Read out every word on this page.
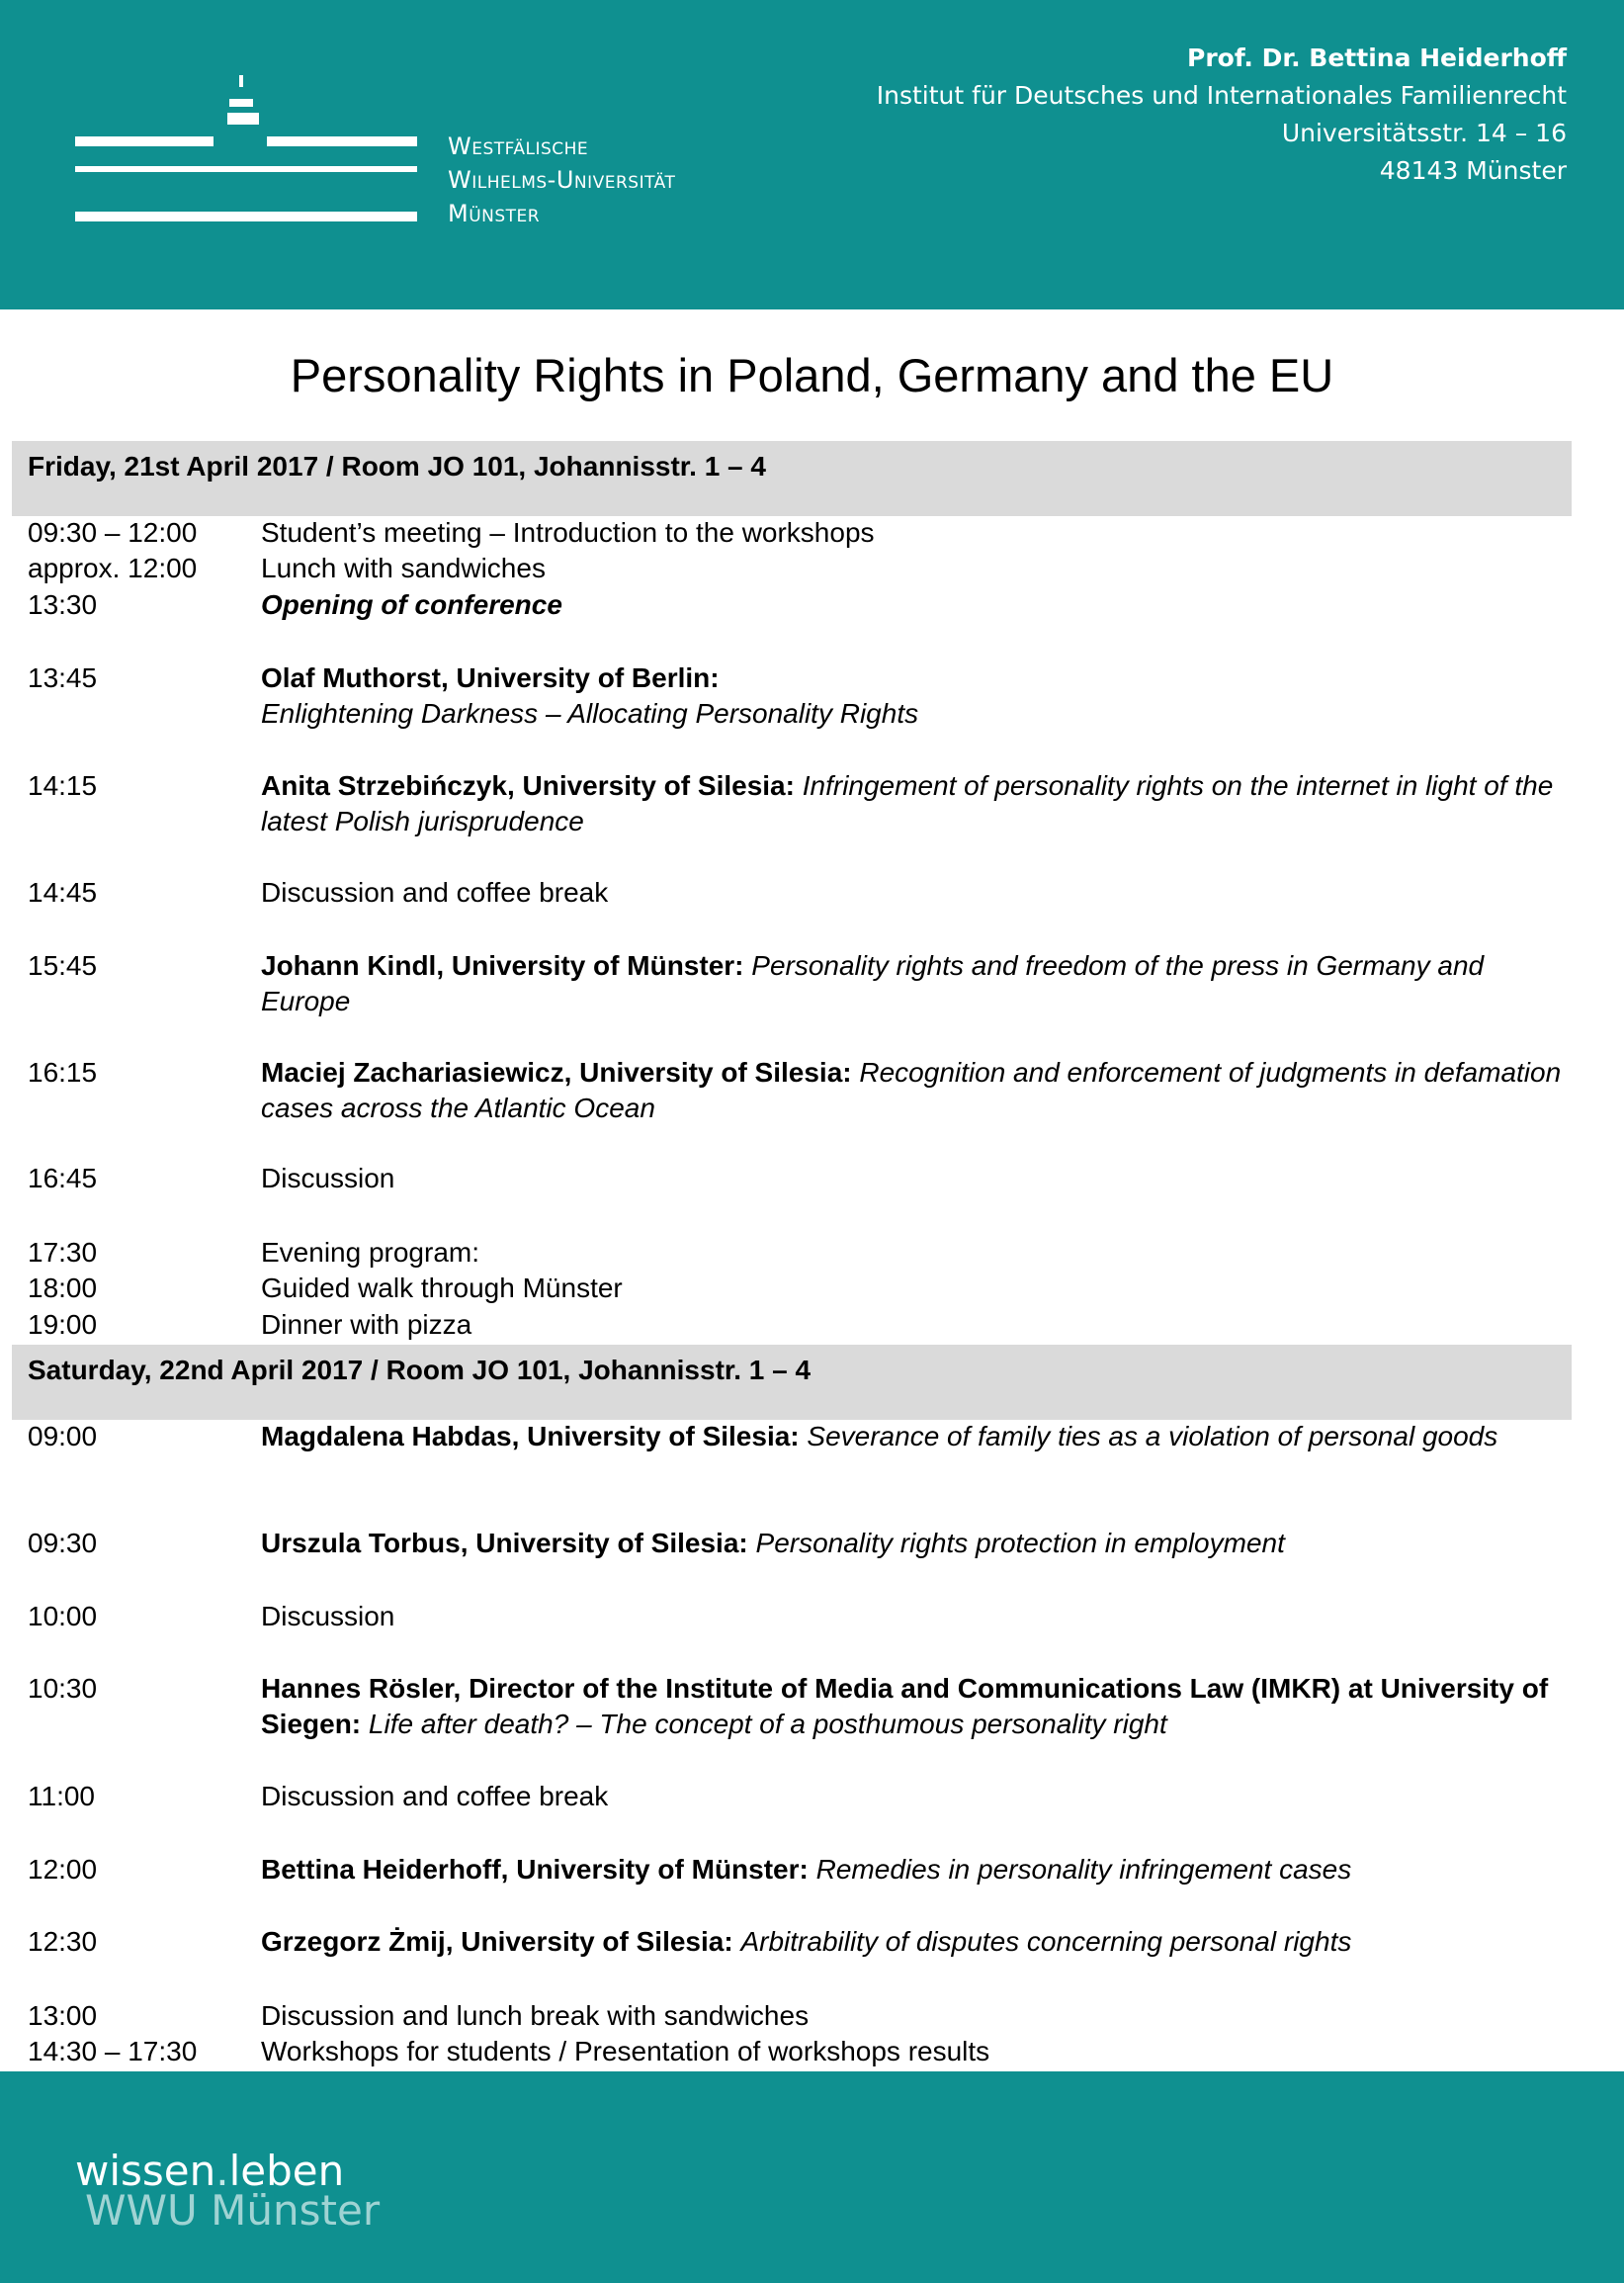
Westfälische
Wilhelms-Universität
Münster
Prof. Dr. Bettina Heiderhoff
Institut für Deutsches und Internationales Familienrecht
Universitätsstr. 14 – 16
48143 Münster
Personality Rights in Poland, Germany and the EU
Friday, 21st April 2017 / Room JO 101, Johannisstr. 1 – 4
09:30 – 12:00 Student’s meeting – Introduction to the workshops
approx. 12:00 Lunch with sandwiches
13:30	Opening of conference
13:45	Olaf Muthorst, University of Berlin:
Enlightening Darkness – Allocating Personality Rights
14:15	Anita Strzebińczyk, University of Silesia: Infringement of personality rights on the internet in light of the latest Polish jurisprudence
14:45	Discussion and coffee break
15:45	Johann Kindl, University of Münster: Personality rights and freedom of the press in Germany and Europe
16:15	Maciej Zachariasiewicz, University of Silesia: Recognition and enforcement of judgments in defamation cases across the Atlantic Ocean
16:45	Discussion
17:30	Evening program:
18:00	Guided walk through Münster
19:00	Dinner with pizza
Saturday, 22nd April 2017 / Room JO 101, Johannisstr. 1 – 4
09:00	Magdalena Habdas, University of Silesia: Severance of family ties as a violation of personal goods
09:30	Urszula Torbus, University of Silesia: Personality rights protection in employment
10:00	Discussion
10:30	Hannes Rösler, Director of the Institute of Media and Communications Law (IMKR) at University of Siegen: Life after death? – The concept of a posthumous personality right
11:00	Discussion and coffee break
12:00	Bettina Heiderhoff, University of Münster: Remedies in personality infringement cases
12:30	Grzegorz Żmij, University of Silesia: Arbitrability of disputes concerning personal rights
13:00	Discussion and lunch break with sandwiches
14:30 – 17:30 Workshops for students / Presentation of workshops results
wissen.leben
WWU Münster
